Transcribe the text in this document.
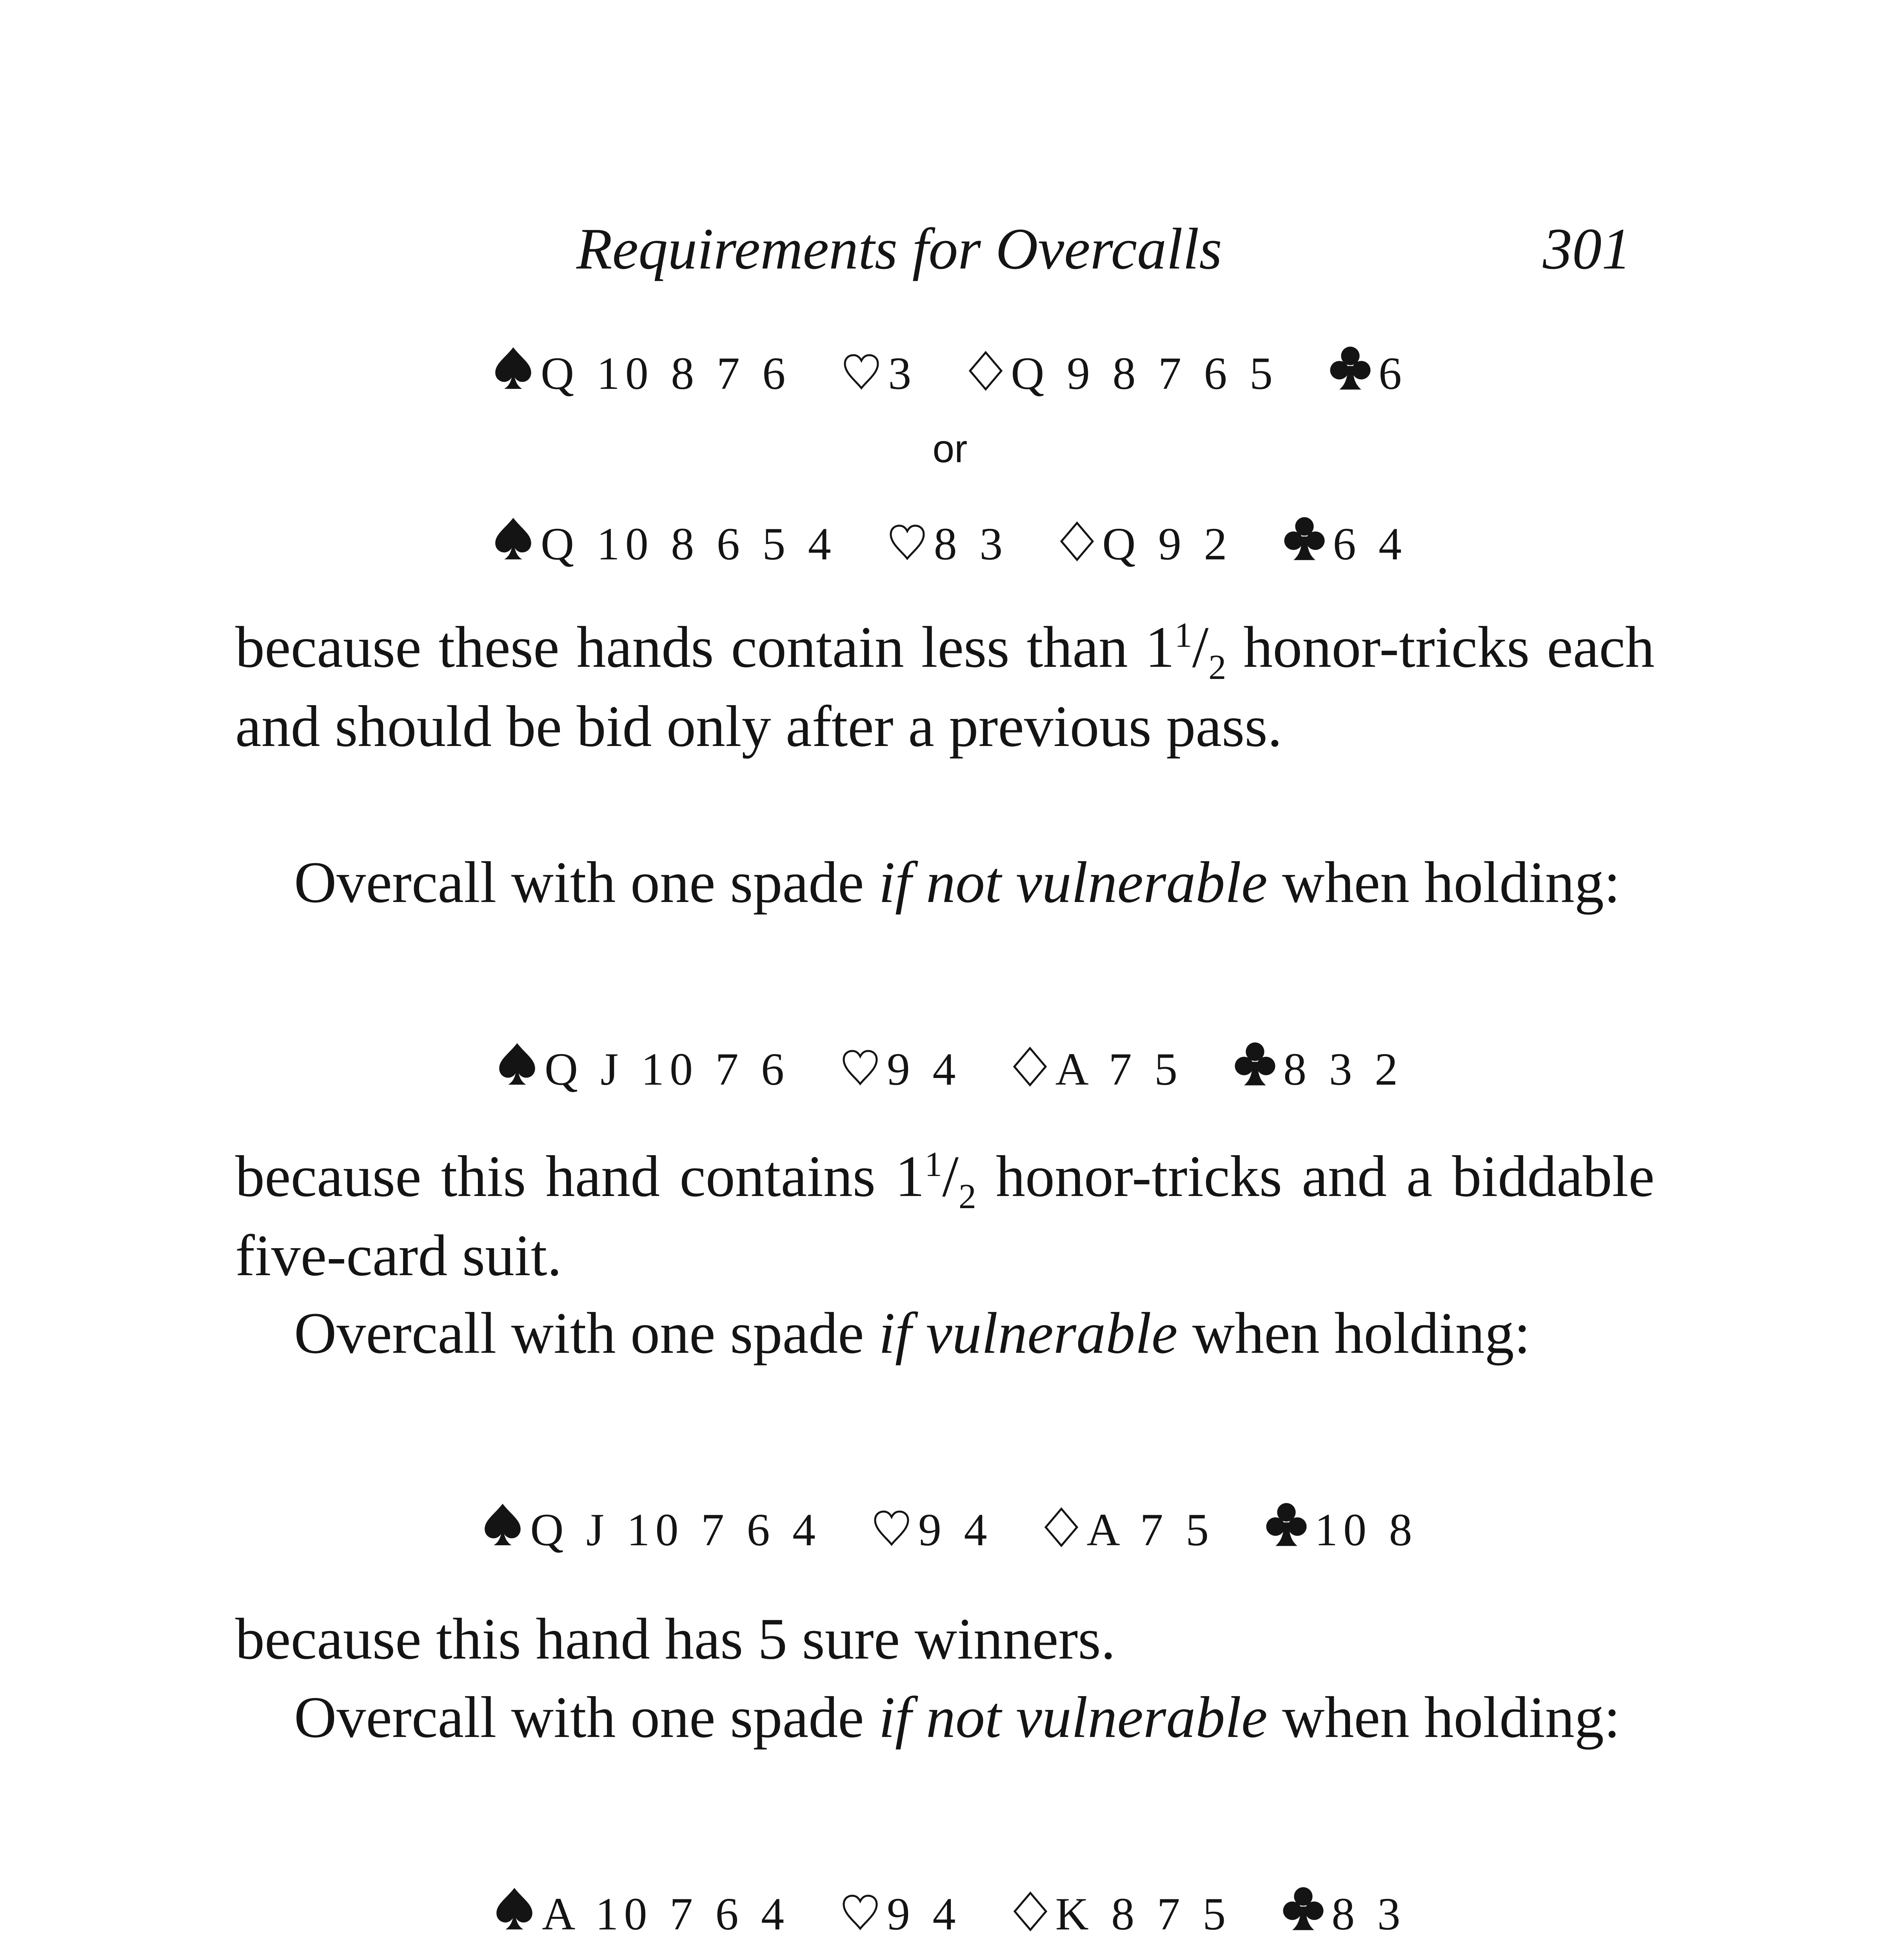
Requirements for Overcalls	301
Q 10 8 7 6 3 Q 9 8 7 6 5 6
or
Q 10 8 6 5 4 8 3 Q 9 2 6 4
because these hands contain less than $1^1/_2$ honor-tricks each and should be bid only after a previous pass.
Overcall with one spade if not vulnerable when holding:
Q J 10 7 6 9 4 A 7 5 8 3 2
because this hand contains $1^1/_2$ honor-tricks and a biddable five-card suit.
Overcall with one spade if vulnerable when holding:
Q J 10 7 6 4 9 4 A 7 5 10 8
because this hand has 5 sure winners.
Overcall with one spade if not vulnerable when holding:
A 10 7 6 4 9 4 K 8 7 5 8 3
